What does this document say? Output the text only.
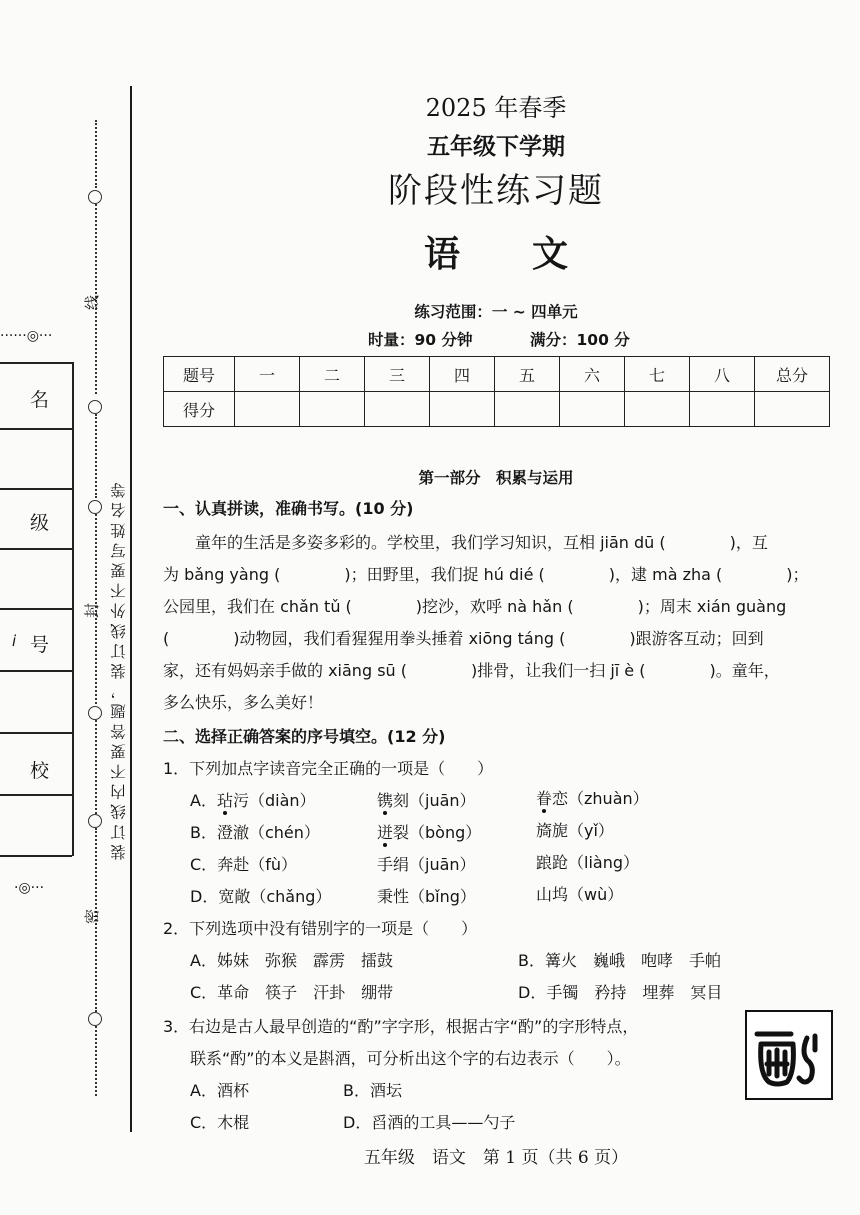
线
封
密
装订线内不要答题，装订线外不要写姓名等
······◎···
·◎···
名
级
i 号
校
2025 年春季
五年级下学期
阶段性练习题
语　　文
练习范围：一 ~ 四单元
时量：90 分钟	满分：100 分
题号	一	二	三	四	五	六	七	八	总分
得分									
第一部分　积累与运用
一、认真拼读，准确书写。(10 分)
　　童年的生活是多姿多彩的。学校里，我们学习知识，互相 jiān dū (　　　　)，互
为 bǎng yàng (　　　　)；田野里，我们捉 hú dié (　　　　)，逮 mà zha (　　　　)；
公园里，我们在 chǎn tǔ (　　　　)挖沙，欢呼 nà hǎn (　　　　)；周末 xián guàng
(　　　　)动物园，我们看猩猩用拳头捶着 xiōng táng (　　　　)跟游客互动；回到
家，还有妈妈亲手做的 xiāng sū (　　　　)排骨，让我们一扫 jī è (　　　　)。童年，
多么快乐，多么美好！
二、选择正确答案的序号填空。(12 分)
1．下列加点字读音完全正确的一项是（　　）
A．玷污（diàn）	镌刻（juān）	眷恋（zhuàn）
B．澄澈（chén）	迸裂（bòng）	旖旎（yǐ）
C．奔赴（fù）	手绢（juān）	踉跄（liàng）
D．宽敞（chǎng）	秉性（bǐng）	山坞（wù）
2．下列选项中没有错别字的一项是（　　）
A．姊妹　弥猴　霹雳　擂鼓	B．篝火　巍峨　咆哮　手帕
C．革命　筷子　汗卦　绷带	D．手镯　矜持　埋葬　冥目
3．右边是古人最早创造的“酌”字字形，根据古字“酌”的字形特点，
联系“酌”的本义是斟酒，可分析出这个字的右边表示（　　）。
A．酒杯	B．酒坛
C．木棍	D．舀酒的工具——勺子
五年级　语文　第 1 页（共 6 页）
